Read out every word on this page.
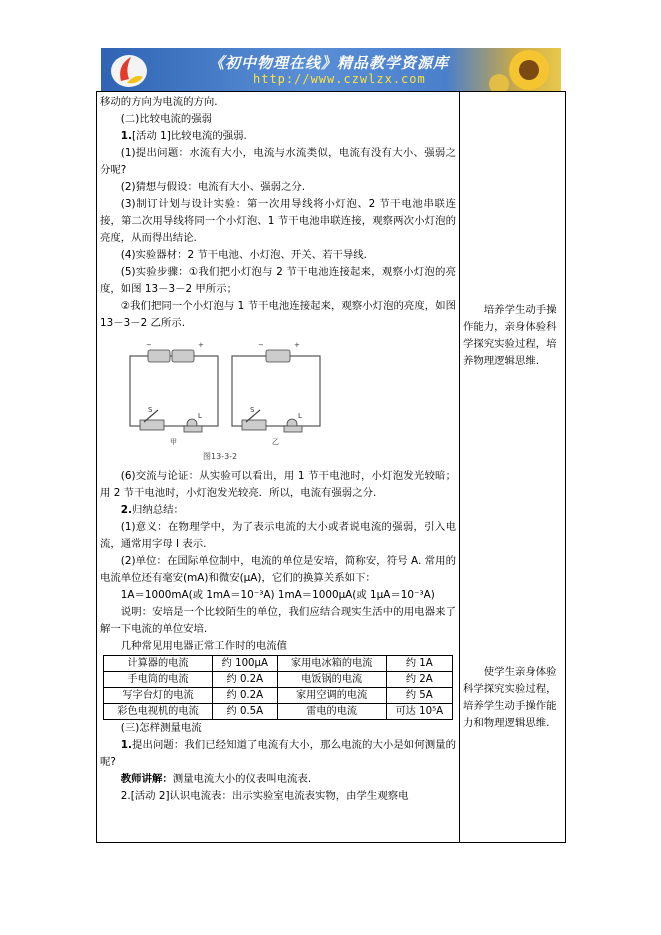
《初中物理在线》精品教学资源库
http://www.czwlzx.com

移动的方向为电流的方向.

(二)比较电流的强弱

1.[活动 1]比较电流的强弱.

(1)提出问题：水流有大小，电流与水流类似，电流有没有大小、强弱之分呢?

(2)猜想与假设：电流有大小、强弱之分.

(3)制订计划与设计实验：第一次用导线将小灯泡、2 节干电池串联连接，第二次用导线将同一个小灯泡、1 节干电池串联连接，观察两次小灯泡的亮度，从而得出结论.

(4)实验器材：2 节干电池、小灯泡、开关、若干导线.

(5)实验步骤：①我们把小灯泡与 2 节干电池连接起来，观察小灯泡的亮度，如图 13－3－2 甲所示；

②我们把同一个小灯泡与 1 节干电池连接起来，观察小灯泡的亮度，如图 13－3－2 乙所示.

−	+	−	+
S
L
S
L
甲	乙
图13-3-2

(6)交流与论证：从实验可以看出，用 1 节干电池时，小灯泡发光较暗；用 2 节干电池时，小灯泡发光较亮．所以，电流有强弱之分.

2.归纳总结：

(1)意义：在物理学中，为了表示电流的大小或者说电流的强弱，引入电流，通常用字母 I 表示.

(2)单位：在国际单位制中，电流的单位是安培，简称安，符号 A. 常用的电流单位还有毫安(mA)和微安(μA)，它们的换算关系如下：

1A＝1000mA(或 1mA＝10⁻³A) 1mA＝1000μA(或 1μA＝10⁻³A)

说明：安培是一个比较陌生的单位，我们应结合现实生活中的用电器来了解一下电流的单位安培.

几种常见用电器正常工作时的电流值

计算器的电流	约 100μA	家用电冰箱的电流	约 1A
手电筒的电流	约 0.2A	电饭锅的电流	约 2A
写字台灯的电流	约 0.2A	家用空调的电流	约 5A
彩色电视机的电流	约 0.5A	雷电的电流	可达 10⁵A

(三)怎样测量电流

1.提出问题：我们已经知道了电流有大小，那么电流的大小是如何测量的呢?

教师讲解：测量电流大小的仪表叫电流表.

2.[活动 2]认识电流表：出示实验室电流表实物，由学生观察电

培养学生动手操作能力，亲身体验科学探究实验过程，培养物理逻辑思维.

使学生亲身体验科学探究实验过程，培养学生动手操作能力和物理逻辑思维.
